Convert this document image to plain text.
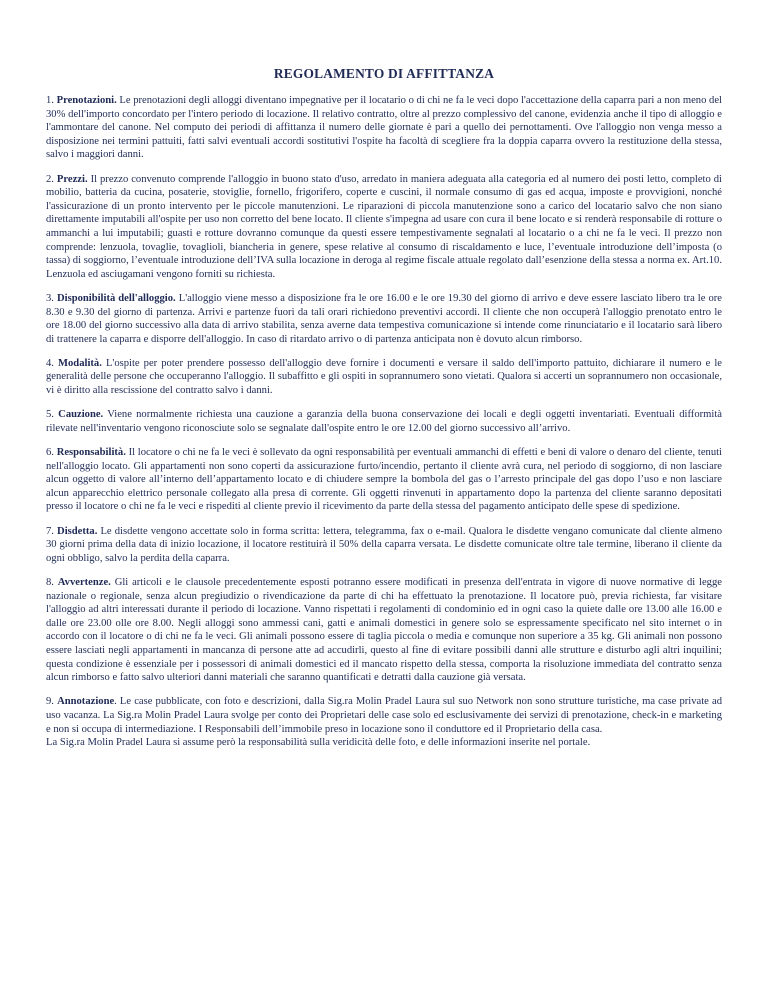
REGOLAMENTO DI AFFITTANZA

1. Prenotazioni. Le prenotazioni degli alloggi diventano impegnative per il locatario o di chi ne fa le veci dopo l'accettazione della caparra pari a non meno del 30% dell'importo concordato per l'intero periodo di locazione. Il relativo contratto, oltre al prezzo complessivo del canone, evidenzia anche il tipo di alloggio e l'ammontare del canone. Nel computo dei periodi di affittanza il numero delle giornate è pari a quello dei pernottamenti. Ove l'alloggio non venga messo a disposizione nei termini pattuiti, fatti salvi eventuali accordi sostitutivi l'ospite ha facoltà di scegliere fra la doppia caparra ovvero la restituzione della stessa, salvo i maggiori danni.

2. Prezzi. Il prezzo convenuto comprende l'alloggio in buono stato d'uso, arredato in maniera adeguata alla categoria ed al numero dei posti letto, completo di mobilio, batteria da cucina, posaterie, stoviglie, fornello, frigorifero, coperte e cuscini, il normale consumo di gas ed acqua, imposte e provvigioni, nonché l'assicurazione di un pronto intervento per le piccole manutenzioni. Le riparazioni di piccola manutenzione sono a carico del locatario salvo che non siano direttamente imputabili all'ospite per uso non corretto del bene locato. Il cliente s'impegna ad usare con cura il bene locato e si renderà responsabile di rotture o ammanchi a lui imputabili; guasti e rotture dovranno comunque da questi essere tempestivamente segnalati al locatario o a chi ne fa le veci. Il prezzo non comprende: lenzuola, tovaglie, tovaglioli, biancheria in genere, spese relative al consumo di riscaldamento e luce, l’eventuale introduzione dell’imposta (o tassa) di soggiorno, l’eventuale introduzione dell’IVA sulla locazione in deroga al regime fiscale attuale regolato dall’esenzione della stessa a norma ex. Art.10. Lenzuola ed asciugamani vengono forniti su richiesta.

3. Disponibilità dell'alloggio. L'alloggio viene messo a disposizione fra le ore 16.00 e le ore 19.30 del giorno di arrivo e deve essere lasciato libero tra le ore 8.30 e 9.30 del giorno di partenza. Arrivi e partenze fuori da tali orari richiedono preventivi accordi. Il cliente che non occuperà l'alloggio prenotato entro le ore 18.00 del giorno successivo alla data di arrivo stabilita, senza averne data tempestiva comunicazione si intende come rinunciatario e il locatario sarà libero di trattenere la caparra e disporre dell'alloggio. In caso di ritardato arrivo o di partenza anticipata non è dovuto alcun rimborso.

4. Modalità. L'ospite per poter prendere possesso dell'alloggio deve fornire i documenti e versare il saldo dell'importo pattuito, dichiarare il numero e le generalità delle persone che occuperanno l'alloggio. Il subaffitto e gli ospiti in soprannumero sono vietati. Qualora si accerti un soprannumero non occasionale, vi è diritto alla rescissione del contratto salvo i danni.

5. Cauzione. Viene normalmente richiesta una cauzione a garanzia della buona conservazione dei locali e degli oggetti inventariati. Eventuali difformità rilevate nell'inventario vengono riconosciute solo se segnalate dall'ospite entro le ore 12.00 del giorno successivo all’arrivo.

6. Responsabilità. Il locatore o chi ne fa le veci è sollevato da ogni responsabilità per eventuali ammanchi di effetti e beni di valore o denaro del cliente, tenuti nell'alloggio locato. Gli appartamenti non sono coperti da assicurazione furto/incendio, pertanto il cliente avrà cura, nel periodo di soggiorno, di non lasciare alcun oggetto di valore all’interno dell’appartamento locato e di chiudere sempre la bombola del gas o l’arresto principale del gas dopo l’uso e non lasciare alcun apparecchio elettrico personale collegato alla presa di corrente. Gli oggetti rinvenuti in appartamento dopo la partenza del cliente saranno depositati presso il locatore o chi ne fa le veci e rispediti al cliente previo il ricevimento da parte della stessa del pagamento anticipato delle spese di spedizione.

7. Disdetta. Le disdette vengono accettate solo in forma scritta: lettera, telegramma, fax o e-mail. Qualora le disdette vengano comunicate dal cliente almeno 30 giorni prima della data di inizio locazione, il locatore restituirà il 50% della caparra versata. Le disdette comunicate oltre tale termine, liberano il cliente da ogni obbligo, salvo la perdita della caparra.

8. Avvertenze. Gli articoli e le clausole precedentemente esposti potranno essere modificati in presenza dell'entrata in vigore di nuove normative di legge nazionale o regionale, senza alcun pregiudizio o rivendicazione da parte di chi ha effettuato la prenotazione. Il locatore può, previa richiesta, far visitare l'alloggio ad altri interessati durante il periodo di locazione. Vanno rispettati i regolamenti di condominio ed in ogni caso la quiete dalle ore 13.00 alle 16.00 e dalle ore 23.00 olle ore 8.00. Negli alloggi sono ammessi cani, gatti e animali domestici in genere solo se espressamente specificato nel sito internet o in accordo con il locatore o di chi ne fa le veci. Gli animali possono essere di taglia piccola o media e comunque non superiore a 35 kg. Gli animali non possono essere lasciati negli appartamenti in mancanza di persone atte ad accudirli, questo al fine di evitare possibili danni alle strutture e disturbo agli altri inquilini; questa condizione è essenziale per i possessori di animali domestici ed il mancato rispetto della stessa, comporta la risoluzione immediata del contratto senza alcun rimborso e fatto salvo ulteriori danni materiali che saranno quantificati e detratti dalla cauzione già versata.

9. Annotazione. Le case pubblicate, con foto e descrizioni, dalla Sig.ra Molin Pradel Laura sul suo Network non sono strutture turistiche, ma case private ad uso vacanza. La Sig.ra Molin Pradel Laura svolge per conto dei Proprietari delle case solo ed esclusivamente dei servizi di prenotazione, check-in e marketing e non si occupa di intermediazione. I Responsabili dell’immobile preso in locazione sono il conduttore ed il Proprietario della casa.
La Sig.ra Molin Pradel Laura si assume però la responsabilità sulla veridicità delle foto, e delle informazioni inserite nel portale.
